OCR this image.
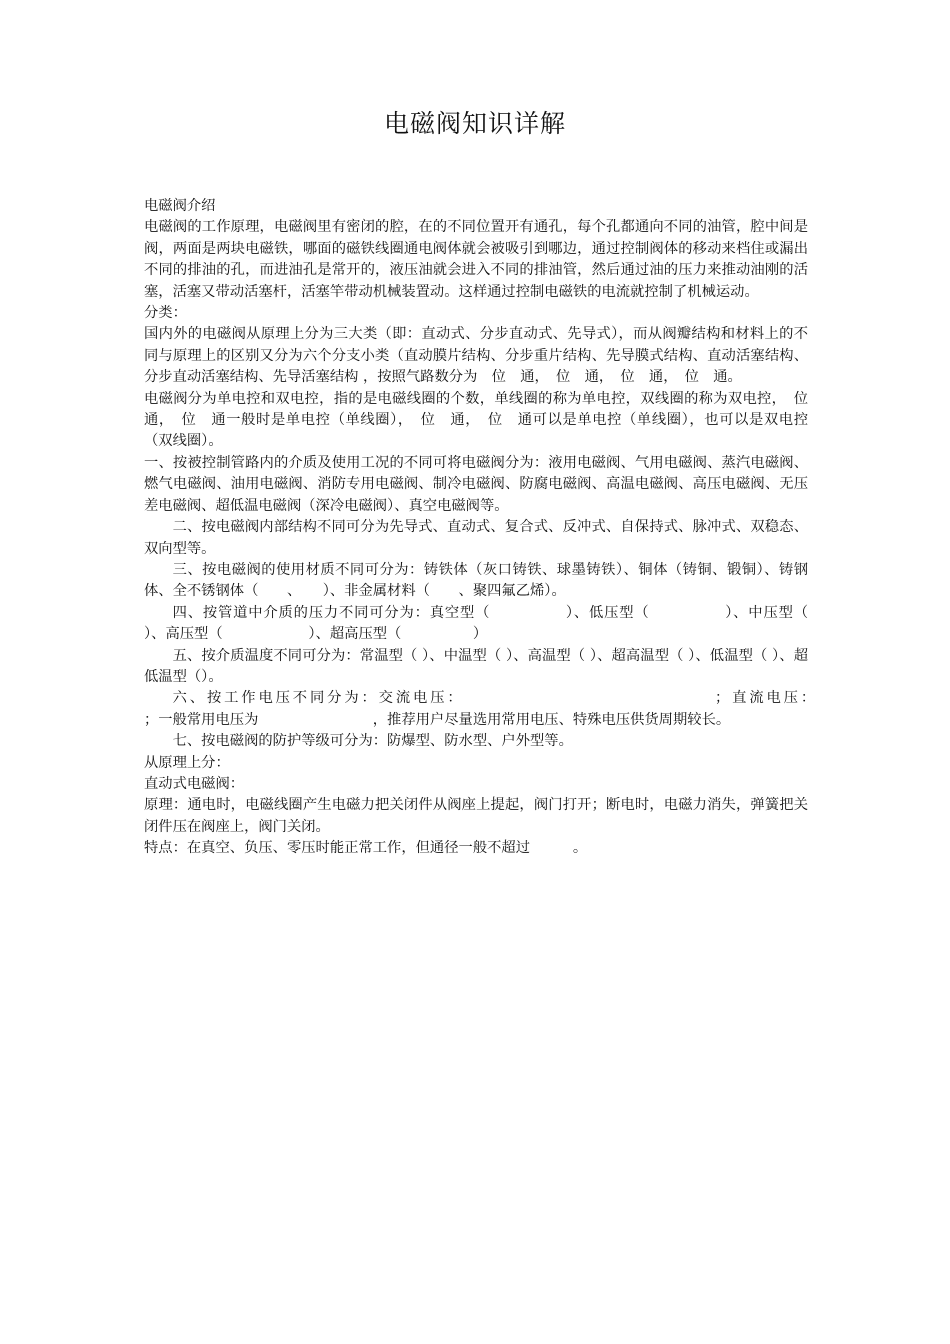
电磁阀知识详解

电磁阀介绍

电磁阀的工作原理，电磁阀里有密闭的腔，在的不同位置开有通孔，每个孔都通向不同的油管，腔中间是阀，两面是两块电磁铁，哪面的磁铁线圈通电阀体就会被吸引到哪边，通过控制阀体的移动来档住或漏出不同的排油的孔，而进油孔是常开的，液压油就会进入不同的排油管，然后通过油的压力来推动油刚的活塞，活塞又带动活塞杆，活塞竿带动机械装置动。这样通过控制电磁铁的电流就控制了机械运动。

分类：

国内外的电磁阀从原理上分为三大类（即：直动式、分步直动式、先导式），而从阀瓣结构和材料上的不同与原理上的区别又分为六个分支小类（直动膜片结构、分步重片结构、先导膜式结构、直动活塞结构、分步直动活塞结构、先导活塞结构 ，按照气路数分为　位　通，　位　通，　位　通，　位　通。

电磁阀分为单电控和双电控，指的是电磁线圈的个数，单线圈的称为单电控，双线圈的称为双电控，　位　通，　位　通一般时是单电控（单线圈），　位　通，　位　通可以是单电控（单线圈），也可以是双电控（双线圈）。

一、按被控制管路内的介质及使用工况的不同可将电磁阀分为：液用电磁阀、气用电磁阀、蒸汽电磁阀、燃气电磁阀、油用电磁阀、消防专用电磁阀、制冷电磁阀、防腐电磁阀、高温电磁阀、高压电磁阀、无压差电磁阀、超低温电磁阀（深冷电磁阀）、真空电磁阀等。

二、按电磁阀内部结构不同可分为先导式、直动式、复合式、反冲式、自保持式、脉冲式、双稳态、双向型等。

三、按电磁阀的使用材质不同可分为：铸铁体（灰口铸铁、球墨铸铁）、铜体（铸铜、锻铜）、铸钢体、全不锈钢体（　　、　　）、非金属材料（　　、聚四氟乙烯）。

四、按管道中介质的压力不同可分为：真空型（　　　　　）、低压型（　　　　　）、中压型（　　　　　）、高压型（　　　　　　）、超高压型（　　　　　）

五、按介质温度不同可分为：常温型（ ）、中温型（ ）、高温型（ ）、超高温型（ ）、低温型（ ）、超低温型（）。

六、按工作电压不同分为：交流电压：　　　　　　　　　　　　　　　；直流电压：　　　　　　　　　；一般常用电压为　　　　　　　　，推荐用户尽量选用常用电压、特殊电压供货周期较长。

七、按电磁阀的防护等级可分为：防爆型、防水型、户外型等。

从原理上分：

直动式电磁阀：

原理：通电时，电磁线圈产生电磁力把关闭件从阀座上提起，阀门打开；断电时，电磁力消失，弹簧把关闭件压在阀座上，阀门关闭。

特点：在真空、负压、零压时能正常工作，但通径一般不超过　　　。
